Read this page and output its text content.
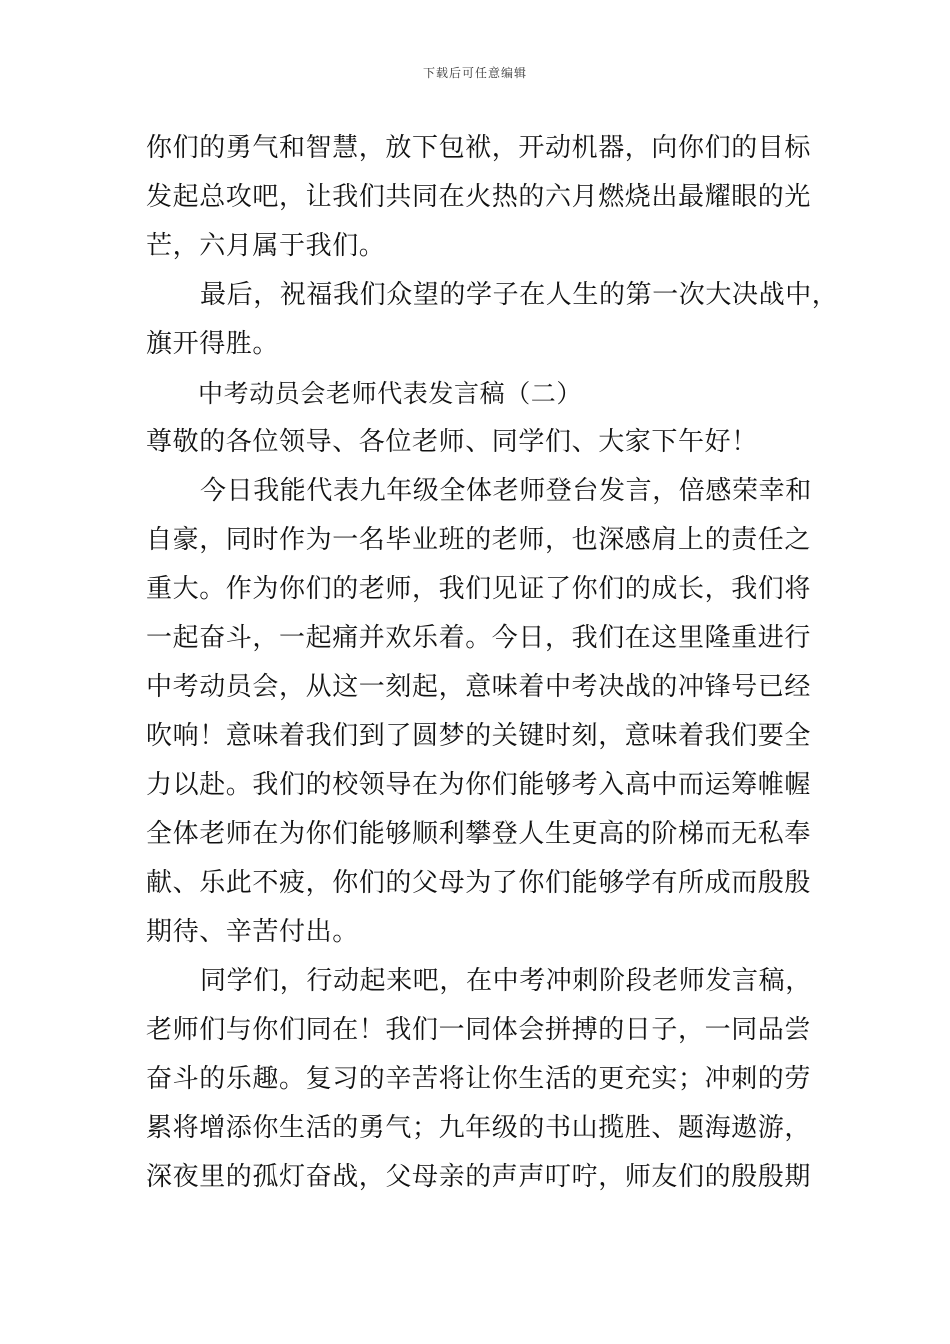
下载后可任意编辑
你们的勇气和智慧，放下包袱，开动机器，向你们的目标
发起总攻吧，让我们共同在火热的六月燃烧出最耀眼的光
芒，六月属于我们。
最后，祝福我们众望的学子在人生的第一次大决战中，
旗开得胜。
中考动员会老师代表发言稿（二）
尊敬的各位领导、各位老师、同学们、大家下午好！
今日我能代表九年级全体老师登台发言，倍感荣幸和
自豪，同时作为一名毕业班的老师，也深感肩上的责任之
重大。作为你们的老师，我们见证了你们的成长，我们将
一起奋斗，一起痛并欢乐着。今日，我们在这里隆重进行
中考动员会，从这一刻起，意味着中考决战的冲锋号已经
吹响！意味着我们到了圆梦的关键时刻，意味着我们要全
力以赴。我们的校领导在为你们能够考入高中而运筹帷幄
全体老师在为你们能够顺利攀登人生更高的阶梯而无私奉
献、乐此不疲，你们的父母为了你们能够学有所成而殷殷
期待、辛苦付出。
同学们，行动起来吧，在中考冲刺阶段老师发言稿，
老师们与你们同在！我们一同体会拼搏的日子，一同品尝
奋斗的乐趣。复习的辛苦将让你生活的更充实；冲刺的劳
累将增添你生活的勇气；九年级的书山揽胜、题海遨游，
深夜里的孤灯奋战，父母亲的声声叮咛，师友们的殷殷期
